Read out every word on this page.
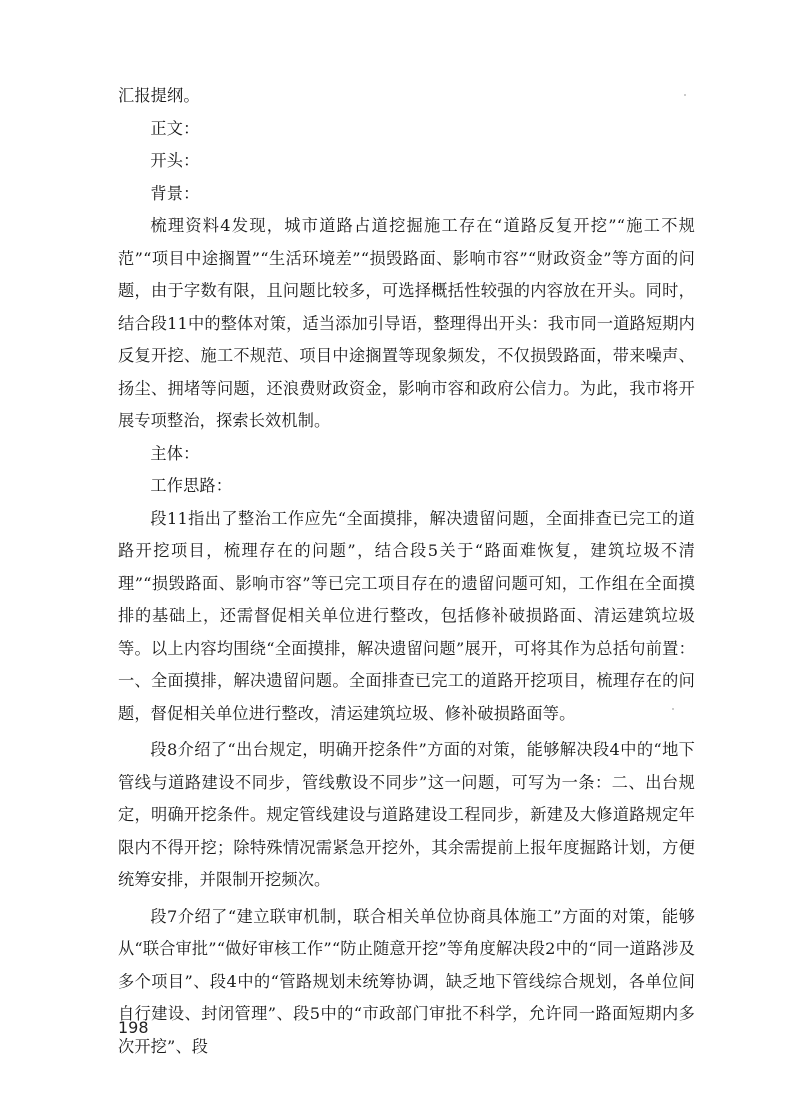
汇报提纲。

正文：

开头：

背景：

梳理资料4发现，城市道路占道挖掘施工存在“道路反复开挖”“施工不规范”“项目中途搁置”“生活环境差”“损毁路面、影响市容”“财政资金”等方面的问题，由于字数有限，且问题比较多，可选择概括性较强的内容放在开头。同时，结合段11中的整体对策，适当添加引导语，整理得出开头：我市同一道路短期内反复开挖、施工不规范、项目中途搁置等现象频发，不仅损毁路面，带来噪声、扬尘、拥堵等问题，还浪费财政资金，影响市容和政府公信力。为此，我市将开展专项整治，探索长效机制。

主体：

工作思路：

段11指出了整治工作应先“全面摸排，解决遗留问题，全面排查已完工的道路开挖项目，梳理存在的问题”，结合段5关于“路面难恢复，建筑垃圾不清理”“损毁路面、影响市容”等已完工项目存在的遗留问题可知，工作组在全面摸排的基础上，还需督促相关单位进行整改，包括修补破损路面、清运建筑垃圾等。以上内容均围绕“全面摸排，解决遗留问题”展开，可将其作为总括句前置：一、全面摸排，解决遗留问题。全面排查已完工的道路开挖项目，梳理存在的问题，督促相关单位进行整改，清运建筑垃圾、修补破损路面等。

段8介绍了“出台规定，明确开挖条件”方面的对策，能够解决段4中的“地下管线与道路建设不同步，管线敷设不同步”这一问题，可写为一条：二、出台规定，明确开挖条件。规定管线建设与道路建设工程同步，新建及大修道路规定年限内不得开挖；除特殊情况需紧急开挖外，其余需提前上报年度掘路计划，方便统筹安排，并限制开挖频次。

段7介绍了“建立联审机制，联合相关单位协商具体施工”方面的对策，能够从“联合审批”“做好审核工作”“防止随意开挖”等角度解决段2中的“同一道路涉及多个项目”、段4中的“管路规划未统筹协调，缺乏地下管线综合规划，各单位间自行建设、封闭管理”、段5中的“市政部门审批不科学，允许同一路面短期内多次开挖”、段

198
